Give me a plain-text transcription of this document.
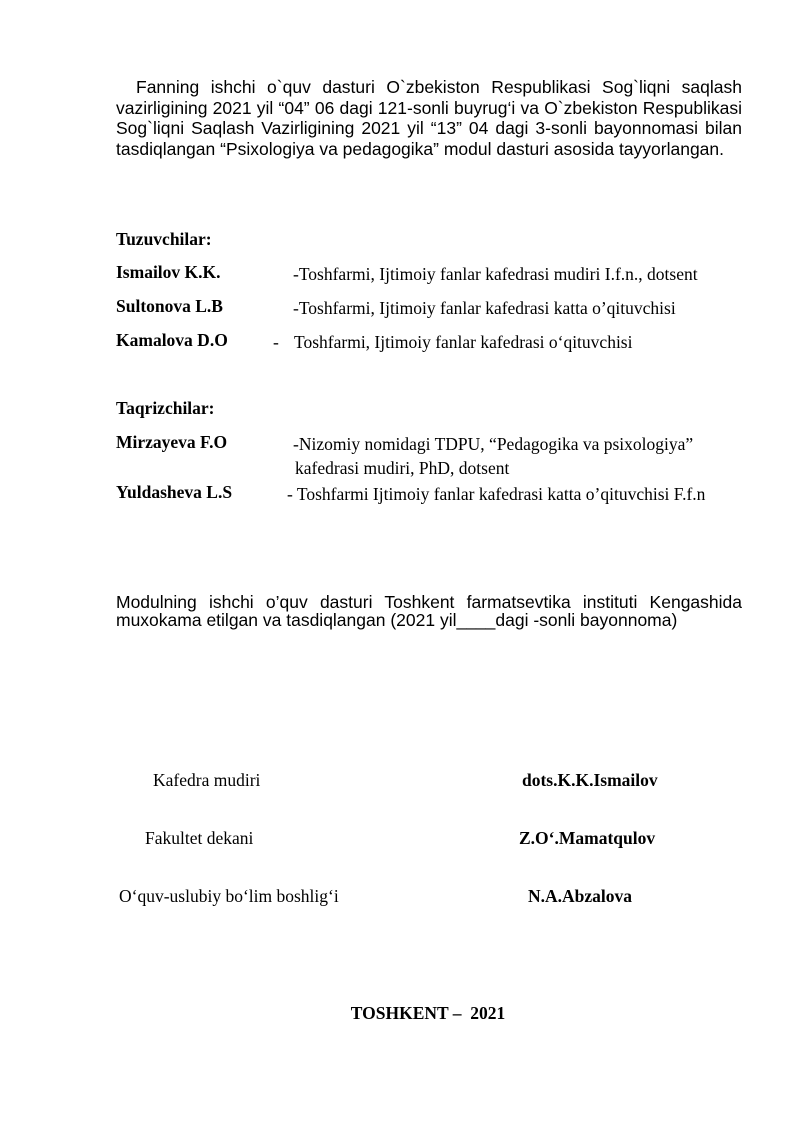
Fanning ishchi o`quv dasturi O`zbekiston Respublikasi Sog`liqni saqlash vazirligining 2021 yil “04” 06 dagi 121-sonli buyrug‘i va O`zbekiston Respublikasi Sog`liqni Saqlash Vazirligining 2021 yil “13” 04 dagi 3-sonli bayonnomasi bilan tasdiqlangan “Psixologiya va pedagogika” modul dasturi asosida tayyorlangan.

Tuzuvchilar:
Ismailov K.K.	-Toshfarmi, Ijtimoiy fanlar kafedrasi mudiri I.f.n., dotsent
Sultonova L.B	-Toshfarmi, Ijtimoiy fanlar kafedrasi katta o’qituvchisi
Kamalova D.O	- Toshfarmi, Ijtimoiy fanlar kafedrasi o‘qituvchisi
Taqrizchilar:
Mirzayeva F.O	-Nizomiy nomidagi TDPU, “Pedagogika va psixologiya”
kafedrasi mudiri, PhD, dotsent
Yuldasheva L.S	- Toshfarmi Ijtimoiy fanlar kafedrasi katta o’qituvchisi F.f.n

Modulning ishchi o’quv dasturi Toshkent farmatsevtika instituti Kengashida muxokama etilgan va tasdiqlangan (2021 yil____dagi -sonli bayonnoma)

Kafedra mudiri	dots.K.K.Ismailov
Fakultet dekani	Z.O‘.Mamatqulov
O‘quv-uslubiy bo‘lim boshlig‘i	N.A.Abzalova
TOSHKENT –  2021
